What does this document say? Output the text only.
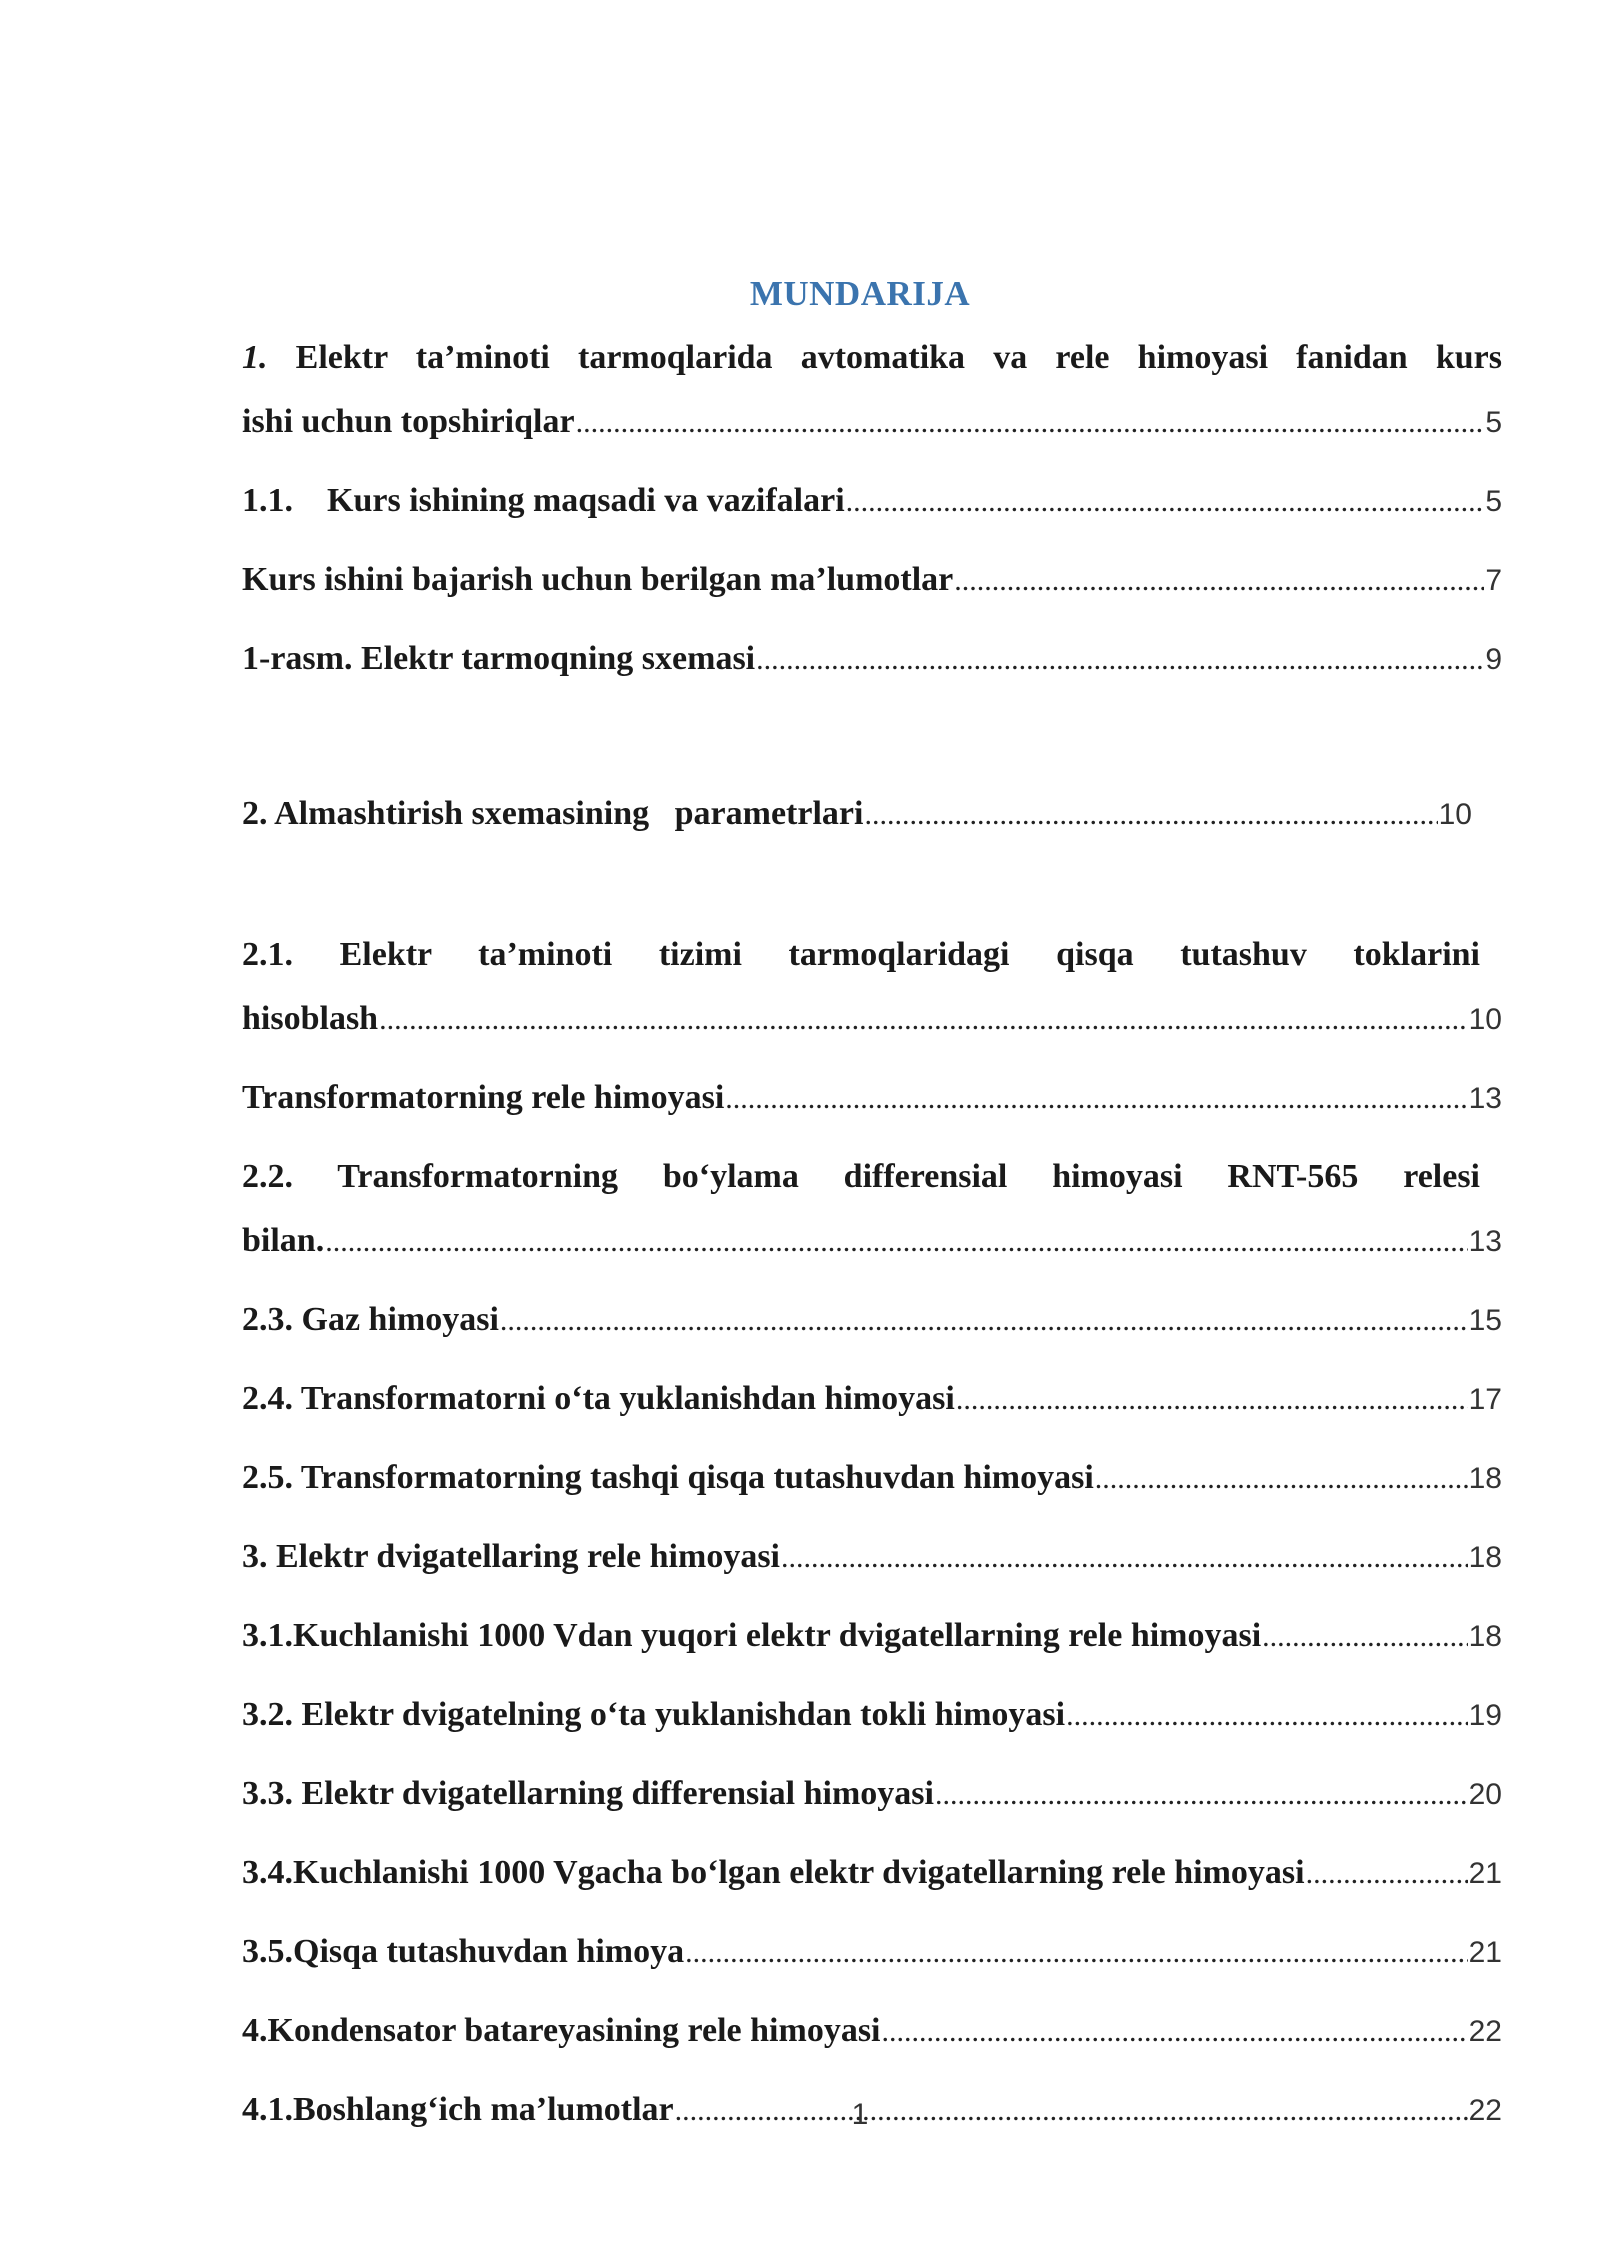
MUNDARIJA
1. Elektr ta’minoti tarmoqlarida avtomatika va rele himoyasi fanidan kurs
ishi uchun topshiriqlar .....	5
1.1. Kurs ishining maqsadi va vazifalari .....	5
Kurs ishini bajarish uchun berilgan ma’lumotlar .....	7
1-rasm. Elektr tarmoqning sxemasi .....	9

2. Almashtirish sxemasining   parametrlari .....	10

2.1. Elektr ta’minoti tizimi tarmoqlaridagi qisqa tutashuv toklarini
hisoblash .....	10
Transformatorning rele himoyasi .....	13
2.2. Transformatorning bo‘ylama differensial himoyasi RNT-565 relesi
bilan. .....	13
2.3. Gaz himoyasi .....	15
2.4. Transformatorni o‘ta yuklanishdan himoyasi .....	17
2.5. Transformatorning tashqi qisqa tutashuvdan himoyasi .....	18
3. Elektr dvigatellaring rele himoyasi .....	18
3.1.Kuchlanishi 1000 Vdan yuqori elektr dvigatellarning rele himoyasi .....	18
3.2. Elektr dvigatelning o‘ta yuklanishdan tokli himoyasi .....	19
3.3. Elektr dvigatellarning differensial himoyasi .....	20
3.4.Kuchlanishi 1000 Vgacha bo‘lgan elektr dvigatellarning rele himoyasi .....	21
3.5.Qisqa tutashuvdan himoya .....	21
4.Kondensator batareyasining rele himoyasi .....	22
4.1.Boshlang‘ich ma’lumotlar .....	22
1
